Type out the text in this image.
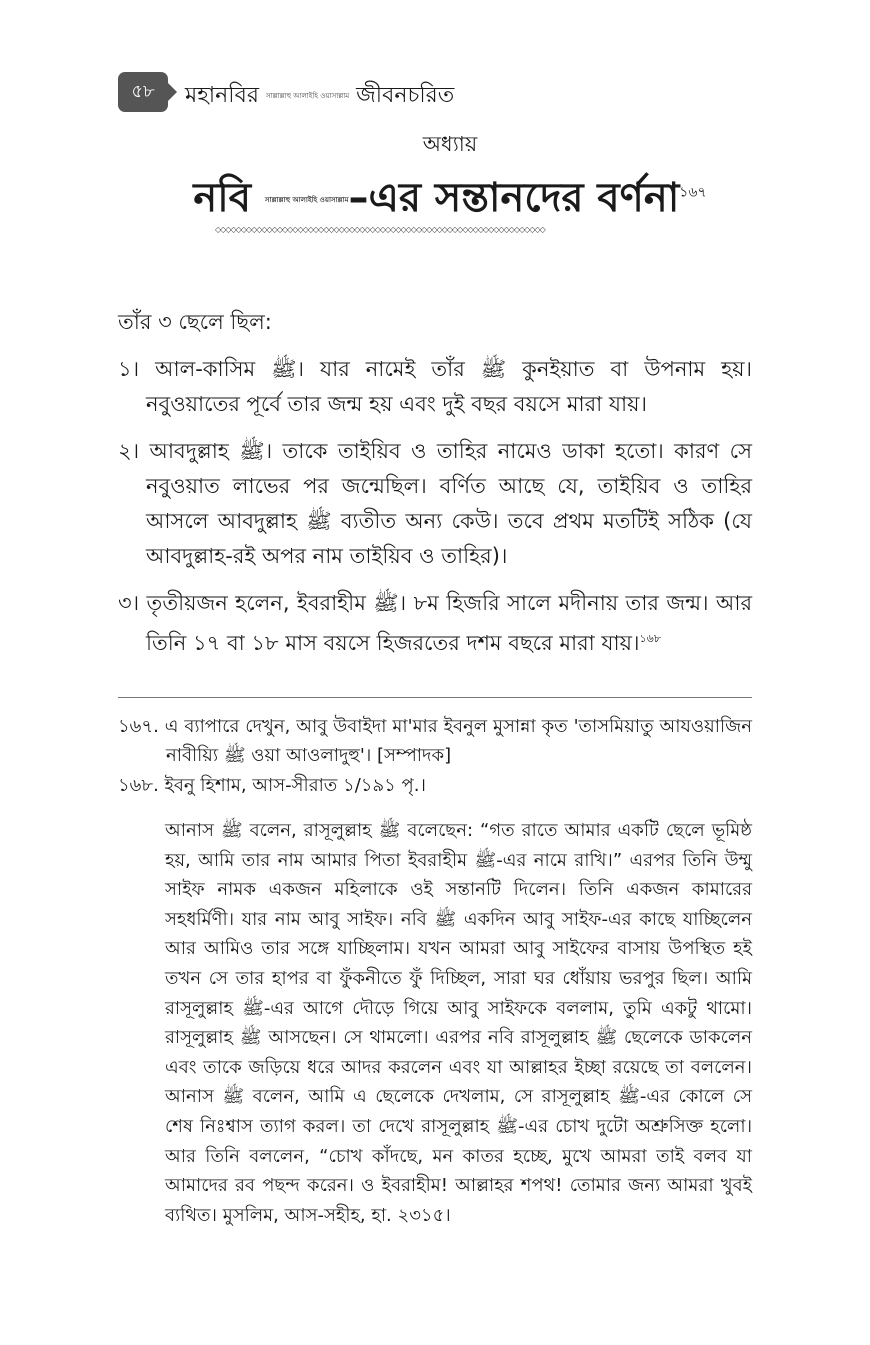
৫৮ মহানবির সাল্লাল্লাহু আলাইহি ওয়াসাল্লাম জীবনচরিত
অধ্যায়
নবি সাল্লাল্লাহু আলাইহি ওয়াসাল্লাম–এর সন্তানদের বর্ণনা$^{১৬৭}$
◇◇◇◇◇◇◇◇◇◇◇◇◇◇◇◇◇◇◇◇◇◇◇◇◇◇◇◇◇◇◇◇◇◇◇◇◇◇◇◇◇◇◇◇◇◇◇◇◇◇◇◇◇◇◇◇◇◇◇◇◇◇◇◇
তাঁর ৩ ছেলে ছিল:
১। আল-কাসিম ﷺ। যার নামেই তাঁর ﷺ কুনইয়াত বা উপনাম হয়। নবুওয়াতের পূর্বে তার জন্ম হয় এবং দুই বছর বয়সে মারা যায়।
২। আবদুল্লাহ ﷺ। তাকে তাইয়িব ও তাহির নামেও ডাকা হতো। কারণ সে নবুওয়াত লাভের পর জন্মেছিল। বর্ণিত আছে যে, তাইয়িব ও তাহির আসলে আবদুল্লাহ ﷺ ব্যতীত অন্য কেউ। তবে প্রথম মতটিই সঠিক (যে আবদুল্লাহ-রই অপর নাম তাইয়িব ও তাহির)।
৩। তৃতীয়জন হলেন, ইবরাহীম ﷺ। ৮ম হিজরি সালে মদীনায় তার জন্ম। আর তিনি ১৭ বা ১৮ মাস বয়সে হিজরতের দশম বছরে মারা যায়।$^{১৬৮}$
১৬৭. এ ব্যাপারে দেখুন, আবু উবাইদা মা'মার ইবনুল মুসান্না কৃত 'তাসমিয়াতু আযওয়াজিন নাবীয়্যি ﷺ ওয়া আওলাদুহু'। [সম্পাদক]
১৬৮. ইবনু হিশাম, আস-সীরাত ১/১৯১ পৃ.।
আনাস ﷺ বলেন, রাসূলুল্লাহ ﷺ বলেছেন: “গত রাতে আমার একটি ছেলে ভূমিষ্ঠ হয়, আমি তার নাম আমার পিতা ইবরাহীম ﷺ-এর নামে রাখি।” এরপর তিনি উম্মু সাইফ নামক একজন মহিলাকে ওই সন্তানটি দিলেন। তিনি একজন কামারের সহধর্মিণী। যার নাম আবু সাইফ। নবি ﷺ একদিন আবু সাইফ-এর কাছে যাচ্ছিলেন আর আমিও তার সঙ্গে যাচ্ছিলাম। যখন আমরা আবু সাইফের বাসায় উপস্থিত হই তখন সে তার হাপর বা ফুঁকনীতে ফুঁ দিচ্ছিল, সারা ঘর ধোঁয়ায় ভরপুর ছিল। আমি রাসূলুল্লাহ ﷺ-এর আগে দৌড়ে গিয়ে আবু সাইফকে বললাম, তুমি একটু থামো। রাসূলুল্লাহ ﷺ আসছেন। সে থামলো। এরপর নবি রাসূলুল্লাহ ﷺ ছেলেকে ডাকলেন এবং তাকে জড়িয়ে ধরে আদর করলেন এবং যা আল্লাহর ইচ্ছা রয়েছে তা বললেন। আনাস ﷺ বলেন, আমি এ ছেলেকে দেখলাম, সে রাসূলুল্লাহ ﷺ-এর কোলে সে শেষ নিঃশ্বাস ত্যাগ করল। তা দেখে রাসূলুল্লাহ ﷺ-এর চোখ দুটো অশ্রুসিক্ত হলো। আর তিনি বললেন, “চোখ কাঁদছে, মন কাতর হচ্ছে, মুখে আমরা তাই বলব যা আমাদের রব পছন্দ করেন। ও ইবরাহীম! আল্লাহর শপথ! তোমার জন্য আমরা খুবই ব্যথিত। মুসলিম, আস-সহীহ, হা. ২৩১৫।
